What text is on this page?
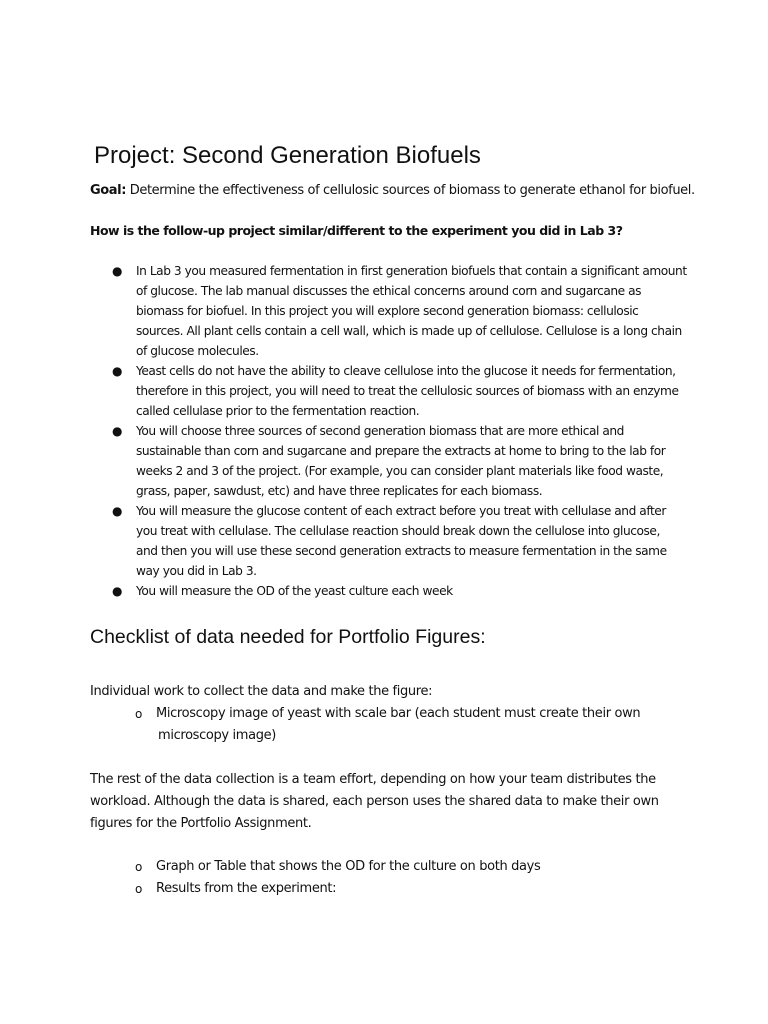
Project: Second Generation Biofuels
Goal: Determine the effectiveness of cellulosic sources of biomass to generate ethanol for biofuel.
How is the follow-up project similar/different to the experiment you did in Lab 3?
● In Lab 3 you measured fermentation in first generation biofuels that contain a significant amount
of glucose. The lab manual discusses the ethical concerns around corn and sugarcane as
biomass for biofuel. In this project you will explore second generation biomass: cellulosic
sources. All plant cells contain a cell wall, which is made up of cellulose. Cellulose is a long chain
of glucose molecules.
● Yeast cells do not have the ability to cleave cellulose into the glucose it needs for fermentation,
therefore in this project, you will need to treat the cellulosic sources of biomass with an enzyme
called cellulase prior to the fermentation reaction.
● You will choose three sources of second generation biomass that are more ethical and
sustainable than corn and sugarcane and prepare the extracts at home to bring to the lab for
weeks 2 and 3 of the project. (For example, you can consider plant materials like food waste,
grass, paper, sawdust, etc) and have three replicates for each biomass.
● You will measure the glucose content of each extract before you treat with cellulase and after
you treat with cellulase. The cellulase reaction should break down the cellulose into glucose,
and then you will use these second generation extracts to measure fermentation in the same
way you did in Lab 3.
● You will measure the OD of the yeast culture each week
Checklist of data needed for Portfolio Figures:
Individual work to collect the data and make the figure:
o Microscopy image of yeast with scale bar (each student must create their own
microscopy image)
The rest of the data collection is a team effort, depending on how your team distributes the
workload. Although the data is shared, each person uses the shared data to make their own
figures for the Portfolio Assignment.
o Graph or Table that shows the OD for the culture on both days
o Results from the experiment:
